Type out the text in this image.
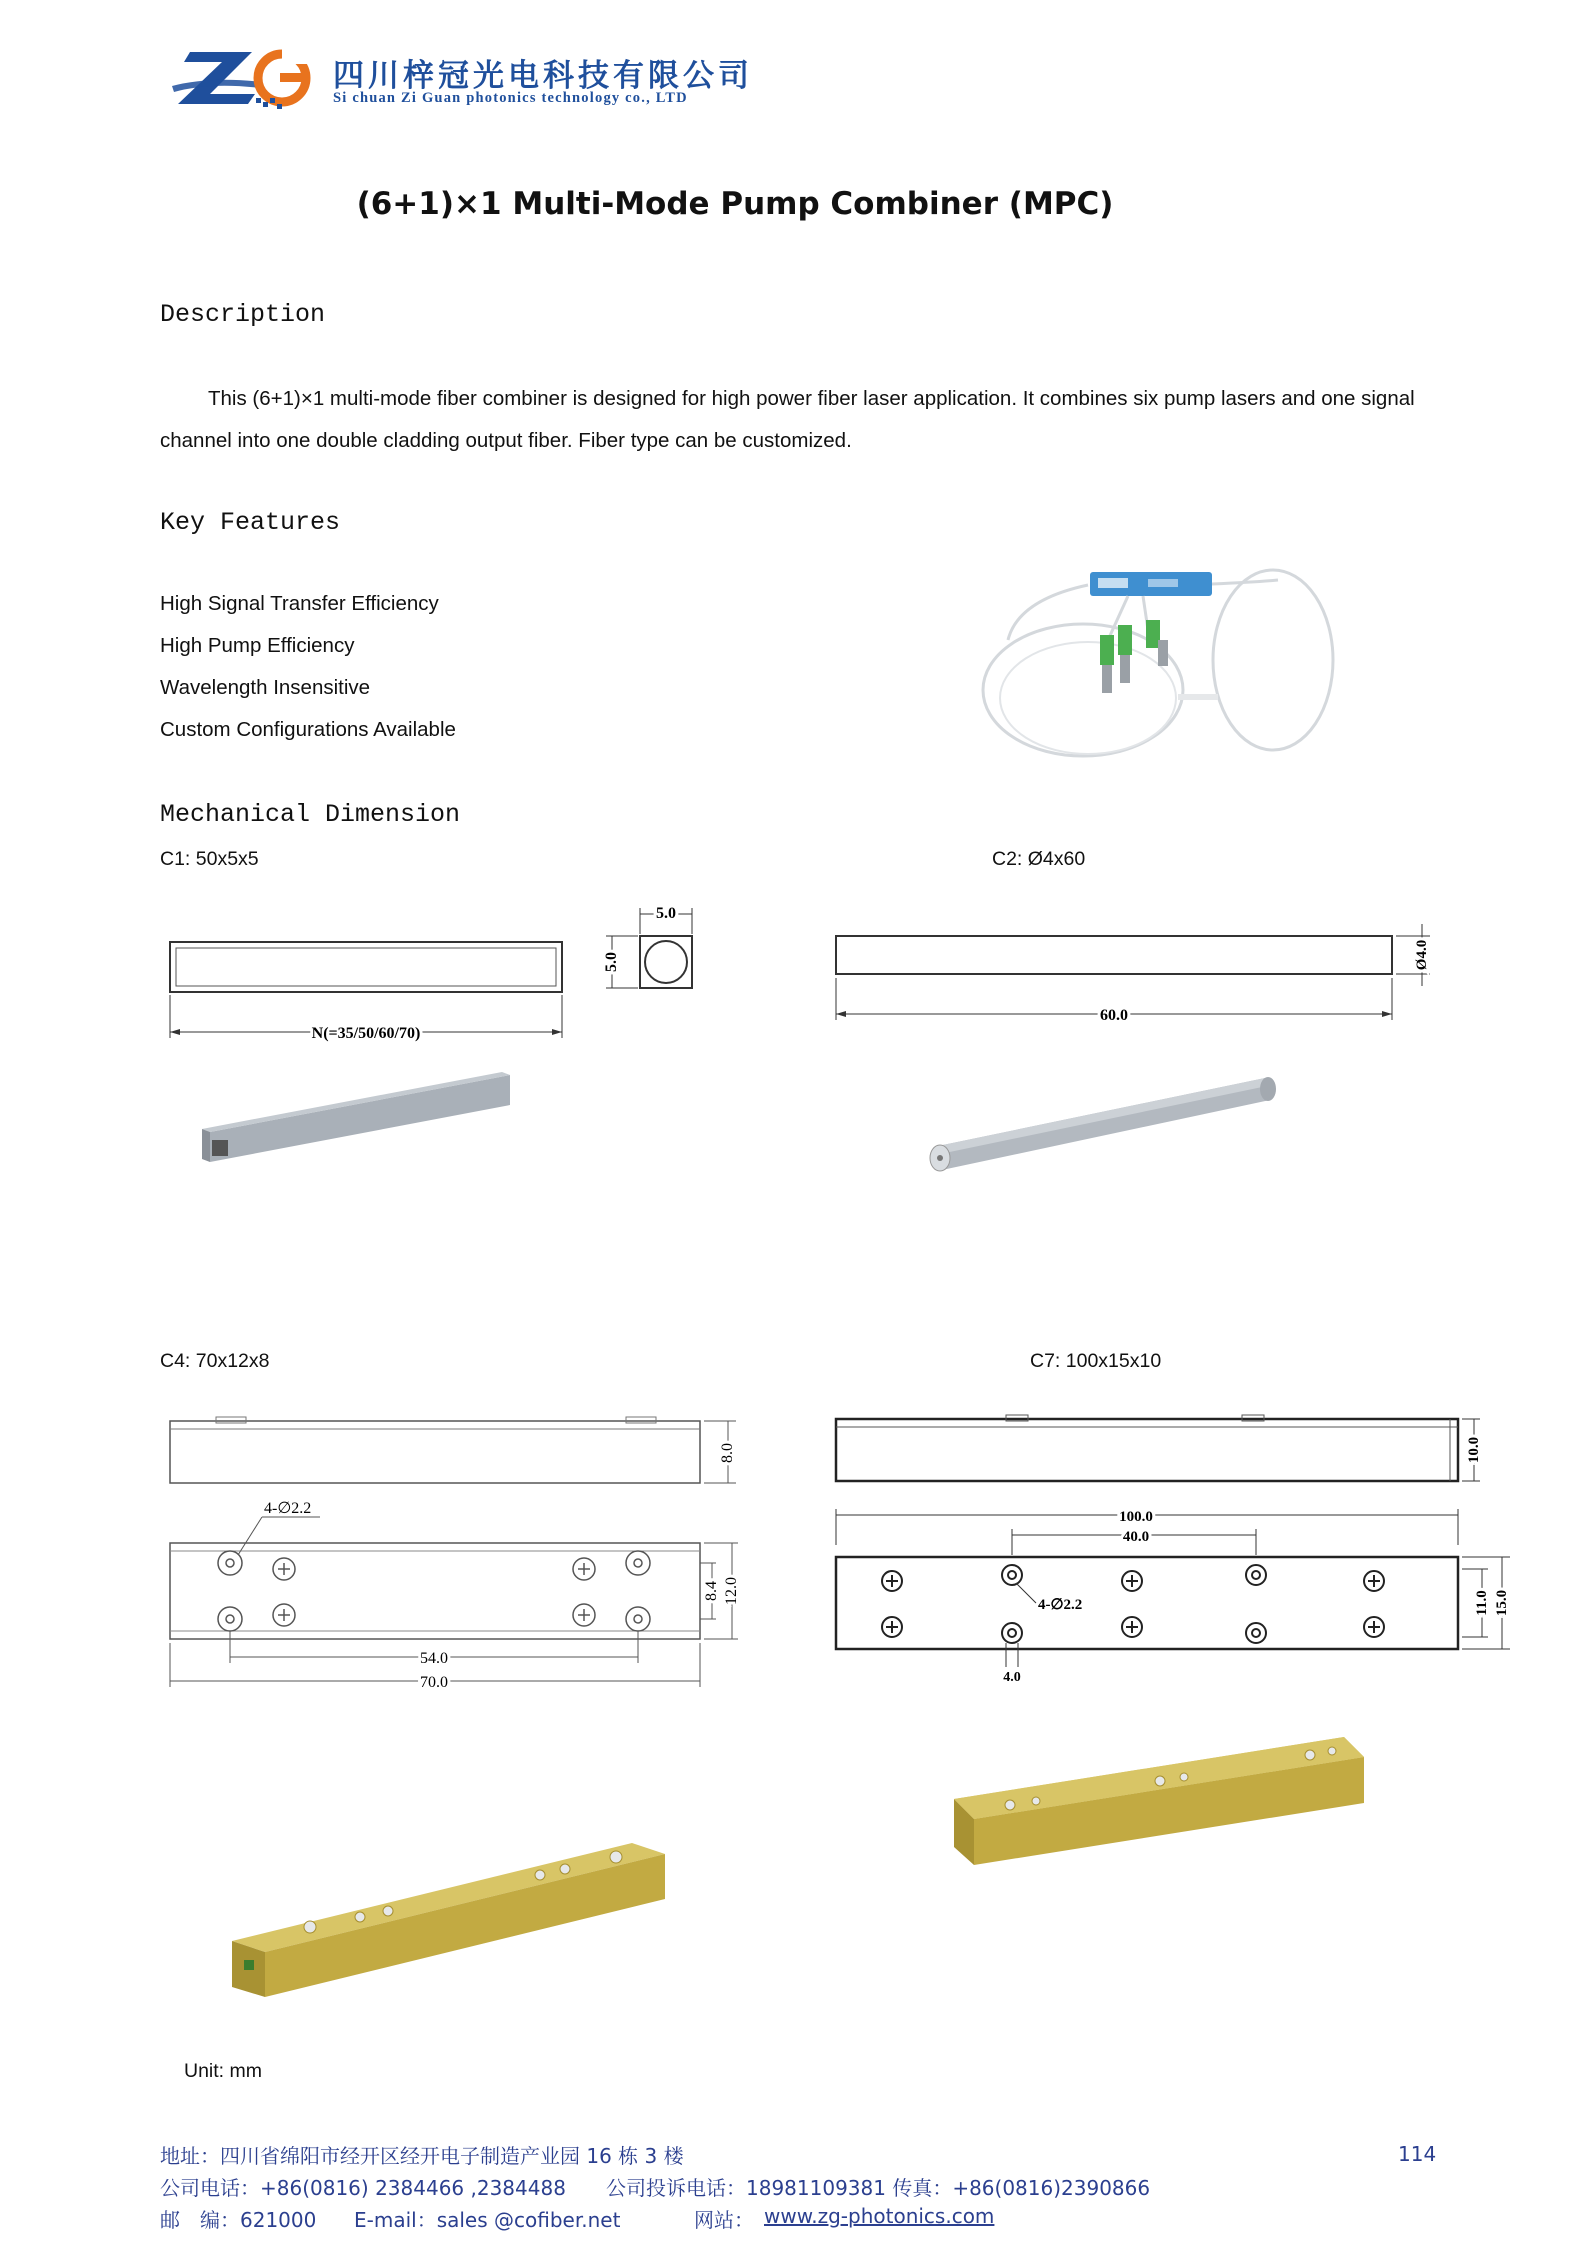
四川梓冠光电科技有限公司
Si chuan Zi Guan photonics technology co., LTD
(6+1)×1 Multi-Mode Pump Combiner (MPC)
Description
This (6+1)×1 multi-mode fiber combiner is designed for high power fiber laser application. It combines six pump lasers and one signal channel into one double cladding output fiber. Fiber type can be customized.
Key Features
High Signal Transfer Efficiency
High Pump Efficiency
Wavelength Insensitive
Custom Configurations Available
Mechanical Dimension
C1: 50x5x5	C2: Ø4x60
N(=35/50/60/70)
5.0
5.0
60.0
Ø4.0
C4: 70x12x8	C7: 100x15x10
8.0
4-∅2.2
8.4 12.0
54.0
70.0
10.0
100.0
40.0
4-∅2.2	11.0 15.0
4.0
Unit: mm
地址：四川省绵阳市经开区经开电子制造产业园 16 栋 3 楼	114
公司电话：+86(0816) 2384466 ,2384488 公司投诉电话：18981109381 传真：+86(0816)2390866
邮　编：621000 E-mail：sales @cofiber.net	网站： www.zg-photonics.com
